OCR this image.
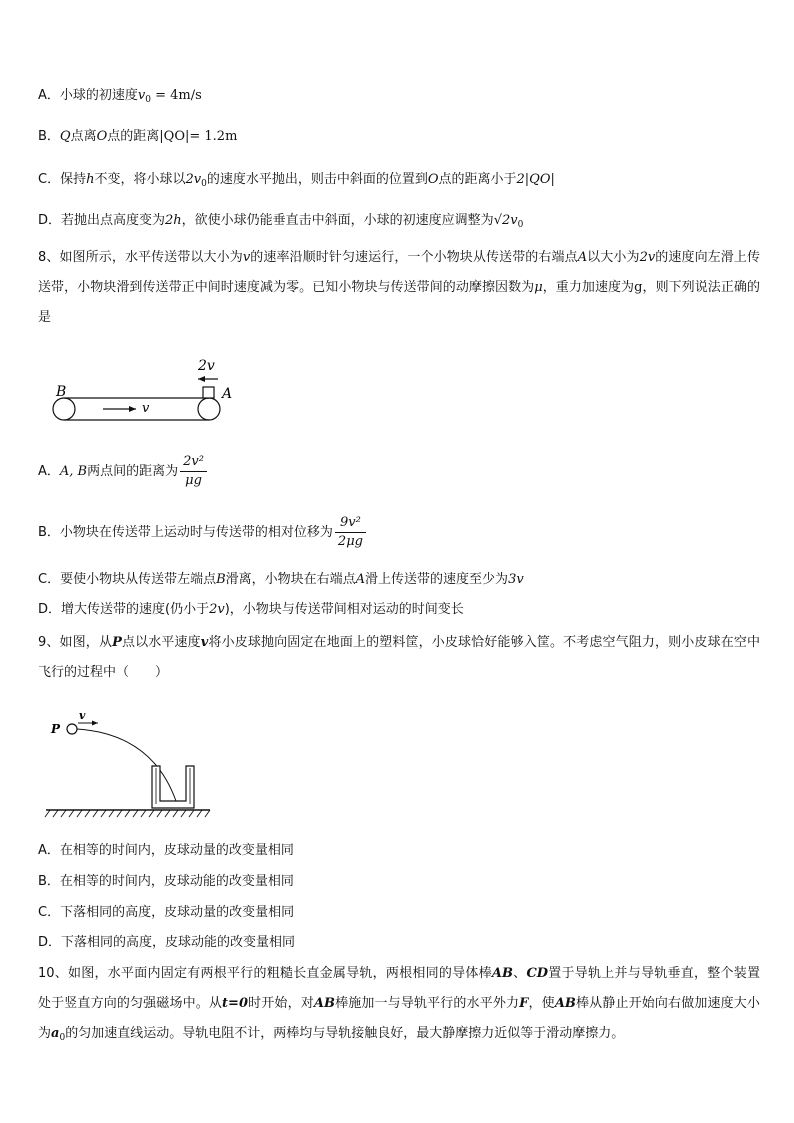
A．小球的初速度$v_0 = 4m/s$
B．Q点离O点的距离|QO|= 1.2m
C．保持h不变，将小球以$2v_0$的速度水平抛出，则击中斜面的位置到O点的距离小于2|QO|
D．若抛出点高度变为2h，欲使小球仍能垂直击中斜面，小球的初速度应调整为$√2v_0$
8、如图所示，水平传送带以大小为v的速率沿顺时针匀速运行，一个小物块从传送带的右端点A以大小为2v的速度向左滑上传送带，小物块滑到传送带正中间时速度减为零。已知小物块与传送带间的动摩擦因数为μ，重力加速度为g，则下列说法正确的是
B	A
v
2v
A．A, B两点间的距离为 $\frac{\text{2v²}}{\mu g}$
B．小物块在传送带上运动时与传送带的相对位移为 $\frac{\text{9v²}}{2\mu g}$
C．要使小物块从传送带左端点B滑离，小物块在右端点A滑上传送带的速度至少为3v
D．增大传送带的速度(仍小于2v)，小物块与传送带间相对运动的时间变长
9、如图，从P点以水平速度v将小皮球抛向固定在地面上的塑料筐，小皮球恰好能够入筐。不考虑空气阻力，则小皮球在空中飞行的过程中（　　）
v
P
A．在相等的时间内，皮球动量的改变量相同
B．在相等的时间内，皮球动能的改变量相同
C．下落相同的高度，皮球动量的改变量相同
D．下落相同的高度，皮球动能的改变量相同
10、如图，水平面内固定有两根平行的粗糙长直金属导轨，两根相同的导体棒AB、CD置于导轨上并与导轨垂直，整个装置处于竖直方向的匀强磁场中。从t=0时开始，对AB棒施加一与导轨平行的水平外力F，使AB棒从静止开始向右做加速度大小为$a_0$的匀加速直线运动。导轨电阻不计，两棒均与导轨接触良好，最大静摩擦力近似等于滑动摩擦力。
